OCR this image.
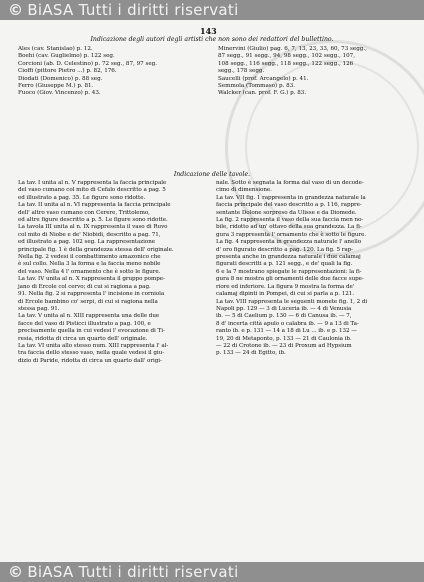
© BiASA Tutti i diritti riservati
143
Indicazione degli autori degli artisti che non sono dei redattori del bullettino.
Ales (cav. Stanislao) p. 12.
Boehi (cav. Guglielmo) p. 122 seg.
Corcioni (ab. D. Celestino) p. 72 seg., 87, 97 seg.
Cioffi (pittore Pietro ...) p. 82, 176.
Diodati (Domenico) p. 88 seg.
Ferro (Giuseppe M.) p. 81.
Fuoco (Giov. Vincenzo) p. 43.
Minervini (Giulio) pag. 6, 7, 13, 23, 33, 60, 73 segg.,
87 segg., 91 segg., 94, 98 segg., 102 segg., 107,
108 segg., 116 segg., 118 segg., 122 segg., 126
segg., 178 segg.
Saucelli (prof. Arcangelo) p. 41.
Semmola (Tommaso) p. 83.
Walcker (can. prof. F. G.) p. 83.
Indicazione delle tavole.
La tav. I unita al n. V rappresenta la faccia principale
del vaso cumano col mito di Cefalo descritto a pag. 5
ed illustrato a pag. 35. Le figure sono ridotte.
La tav. II unita al n. VI rappresenta la faccia principale
dell' altro vaso cumano con Cerere, Trittolemo,
ed altre figure descritto a p. 5. Le figure sono ridotte.
La tavola III unita al n. IX rappresenta il vaso di Ruvo
col mito di Niobe e de' Niobidi, descritto a pag. 71,
ed illustrato a pag. 102 seg. La rappresentazione
principale fig. 1 è della grandezza stessa dell' originale.
Nella fig. 2 vedesi il combattimento amazonico che
è sul collo. Nella 3 la forma e la faccia meno nobile
del vaso. Nella 4 l' ornamento che è sotto le figure.
La tav. IV unita al n. X rappresenta il gruppo pompe-
jano di Ercole col cervo; di cui si ragiona a pag.
91. Nella fig. 2 si rappresenta l' incisione in corniola
di Ercole bambino co' serpi, di cui si ragiona nella
stessa pag. 91.
La tav. V unita al n. XIII rappresenta una delle due
facce del vaso di Pisticci illustrato a pag. 100, e
precisamente quella in cui vedesi l' evocazione di Ti-
resia, ridotta di circa un quarto dell' originale.
La tav. VI unita allo stesso num. XIII rappresenta l' al-
tra faccia dello stesso vaso, nella quale vedesi il giu-
dizio di Paride, ridotta di circa un quarto dall' origi-
nale. Sotto è segnata la forma dal vaso di un decode-
cimo di dimensione.
La tav. VII fig. 1 rappresenta in grandezza naturale la
faccia principale del vaso descritto a p. 116, rappre-
sentante Dolone sorpreso da Ulisse e da Diomede.
La fig. 2 rappresenta il vaso della sua faccia men no-
bile, ridotto ad un' ottavo della sua grandezza. La fi-
gura 3 rappresenta l' ornamento che è sotto le figure.
La fig. 4 rappresenta in grandezza naturale l' anello
d' oro figurato descritto a pag. 120. La fig. 5 rap-
presenta anche in grandezza naturale i due calamaj
figurati descritti a p. 121 segg., e de' quali la fig.
6 e la 7 mostrano spiegate le rappresentazioni: la fi-
gura 8 ne mostra gli ornamenti delle due facce supe-
riore ed inferiore. La figura 9 mostra la forma de'
calamaj dipinti in Pompei, di cui si parla a p. 121.
La tav. VIII rappresenta le seguenti monete fig. 1, 2 di
Napoli pp. 129 — 3 di Luceria ib. — 4 di Venusia
ib. — 5 di Caelium p. 130 — 6 di Canusa ib. — 7,
8 d' incerta città apulo o calabra ib. — 9 a 13 di Ta-
ranto ib. e p. 131 — 14 a 18 di Lu ... ib. e p. 132 —
19, 20 di Metaponto, p. 133 — 21 di Caulonia ib.
— 22 di Crotone ib. — 23 di Proxum ad Hypsium
p. 133 — 24 di Egitto, ib.
© BiASA Tutti i diritti riservati
